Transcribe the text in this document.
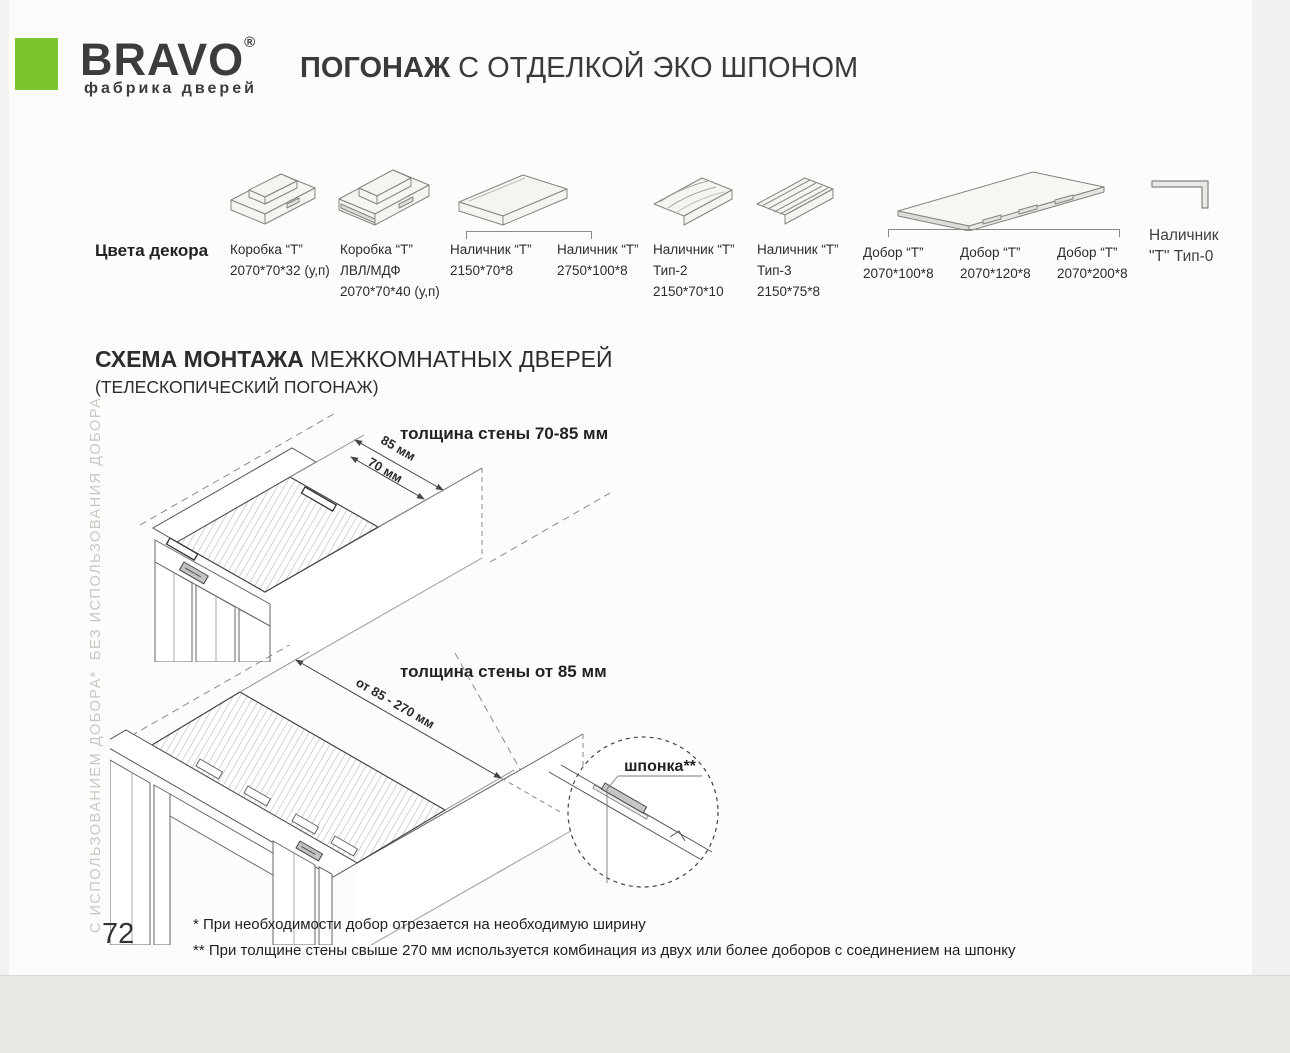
BRAVO®
фабрика дверей
ПОГОНАЖ С ОТДЕЛКОЙ ЭКО ШПОНОМ
Цвета декора Коробка “Т”
2070*70*32 (у,п)
Коробка “Т”
ЛВЛ/МДФ
2070*70*40 (у,п)
Наличник “Т”
2150*70*8
Наличник “Т”
2750*100*8
Наличник “Т”
Тип-2
2150*70*10
Наличник “Т”
Тип-3
2150*75*8
Добор “Т”
2070*100*8
Добор “Т”
2070*120*8
Добор “Т”
2070*200*8
Наличник
"Т" Тип-0
СХЕМА МОНТАЖА МЕЖКОМНАТНЫХ ДВЕРЕЙ
(ТЕЛЕСКОПИЧЕСКИЙ ПОГОНАЖ)
БЕЗ ИСПОЛЬЗОВАНИЯ ДОБОРА
С ИСПОЛЬЗОВАНИЕМ ДОБОРА*
толщина стены 70-85 мм
толщина стены от 85 мм
85 мм
70 мм
от 85 - 270 мм
шпонка**
72	* При необходимости добор отрезается на необходимую ширину
** При толщине стены свыше 270 мм используется комбинация из двух или более доборов с соединением на шпонку
